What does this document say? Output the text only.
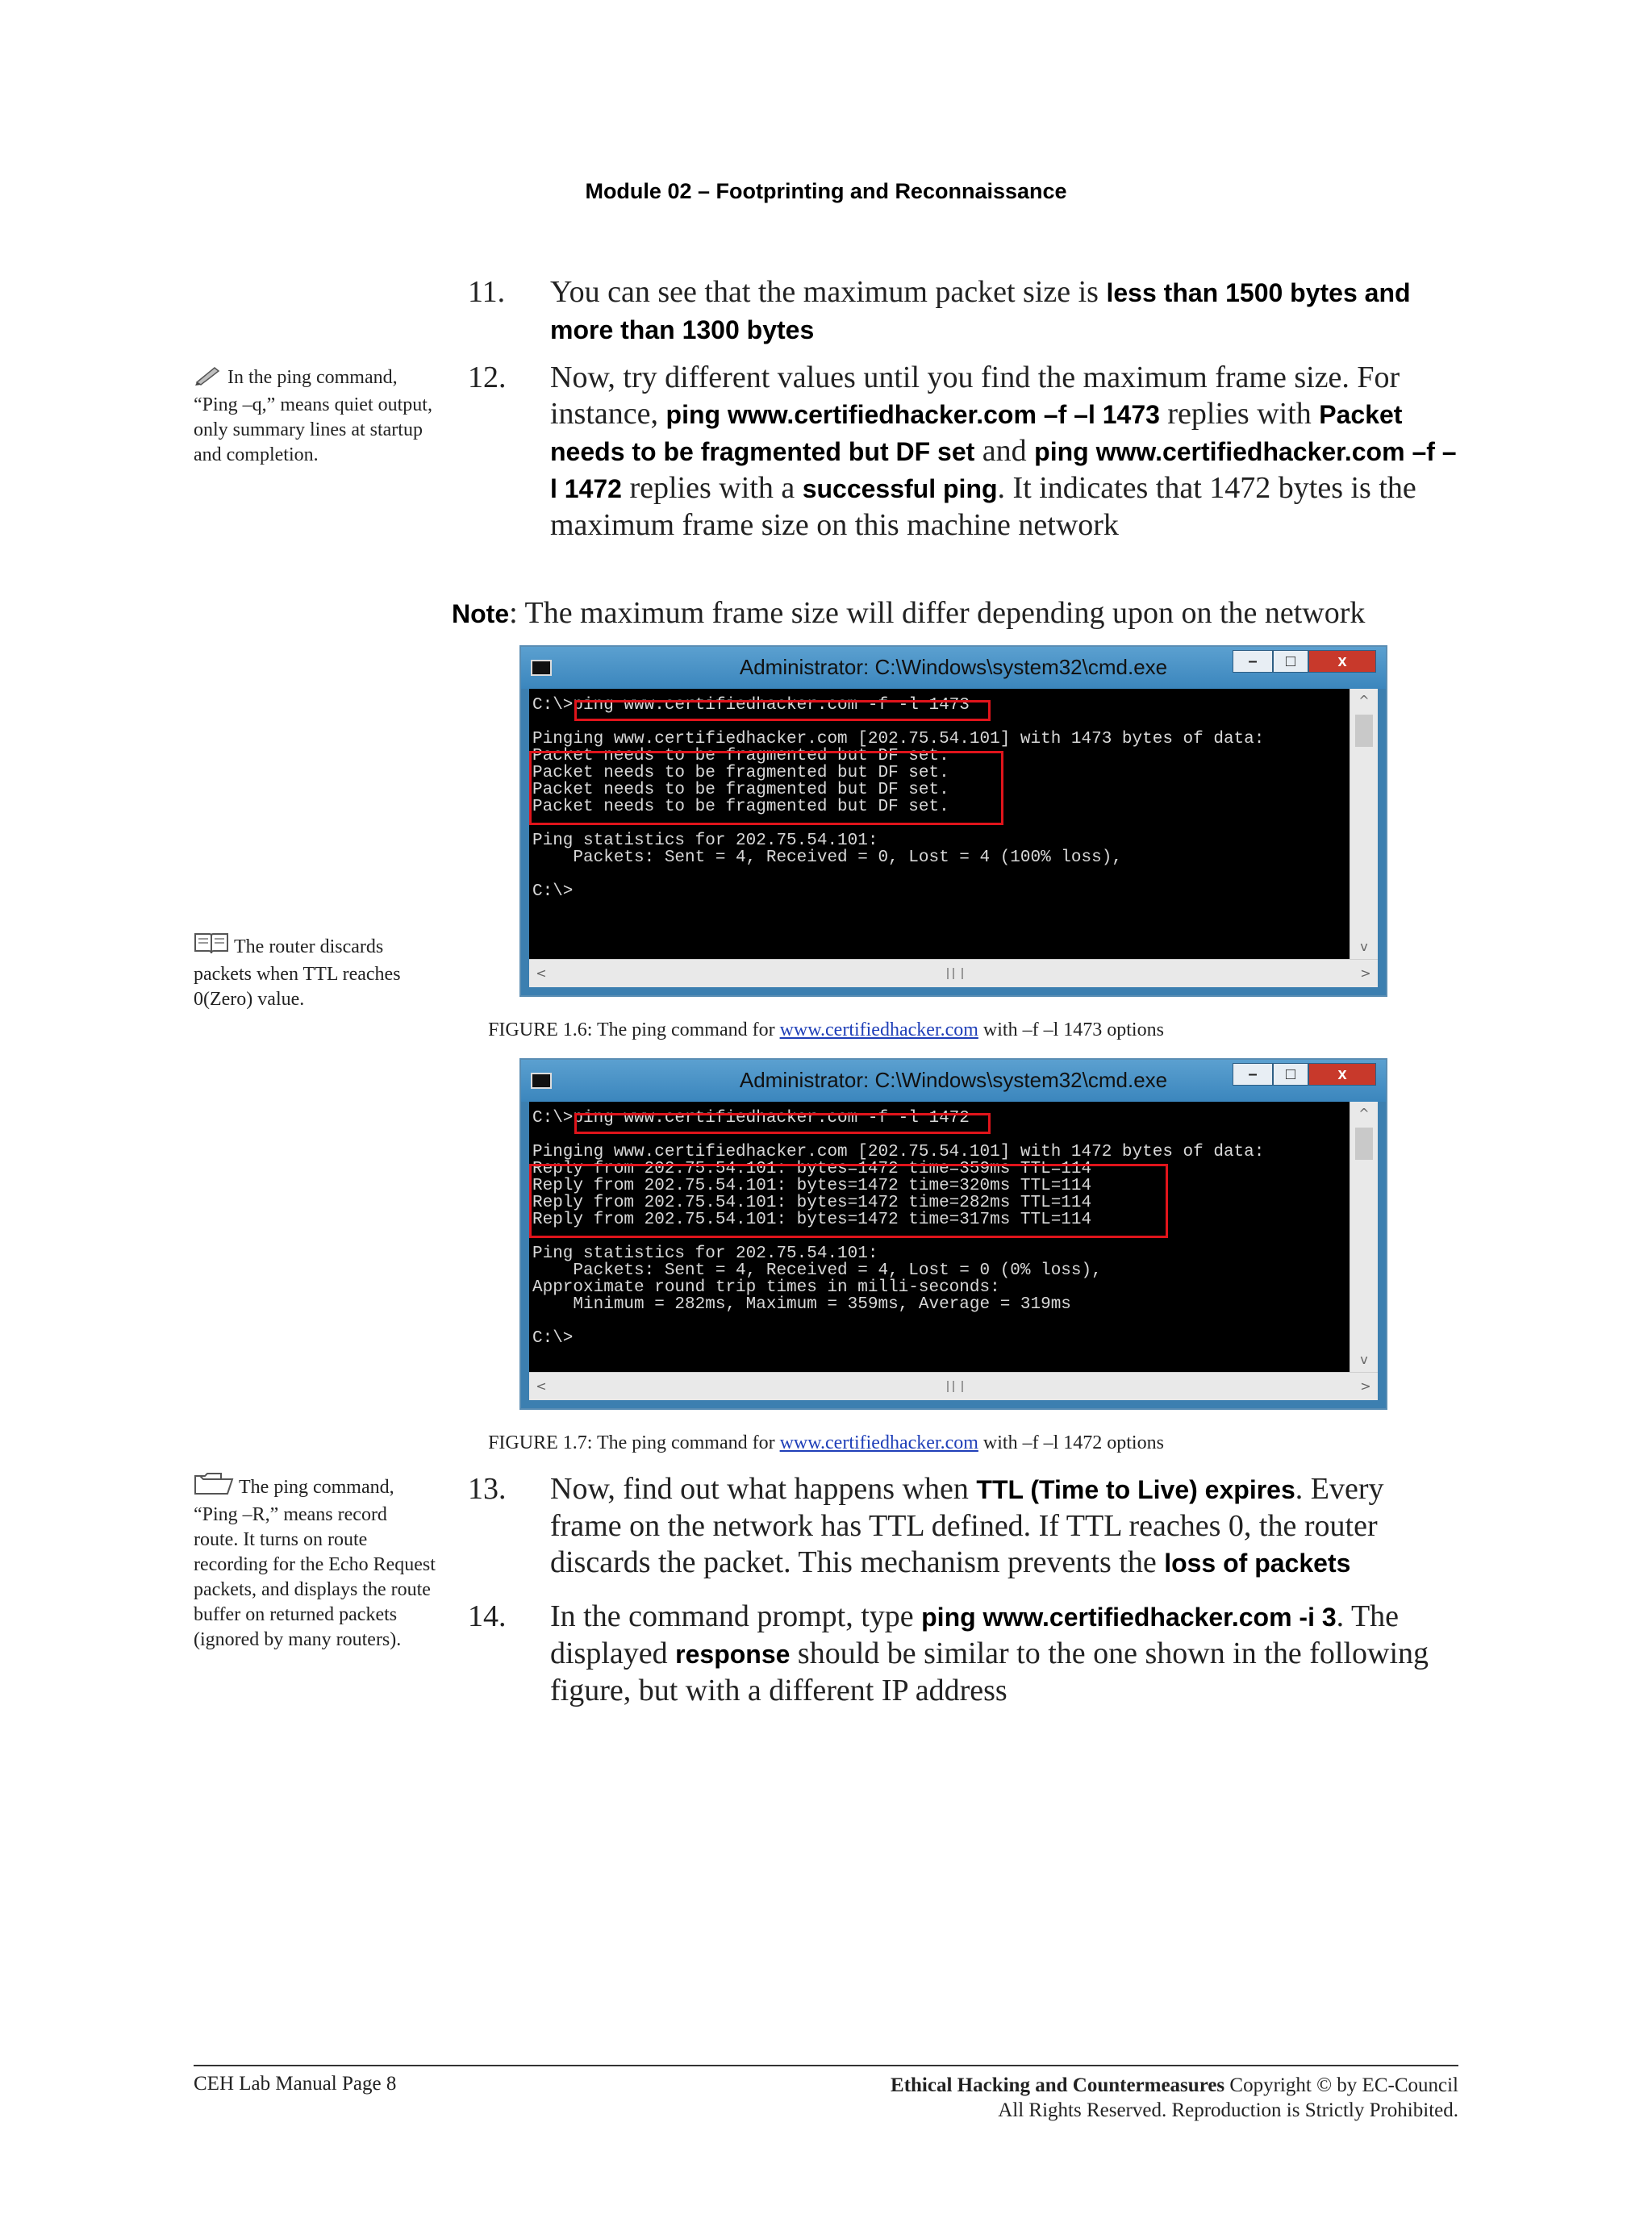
Module 02 – Footprinting and Reconnaissance
In the ping command, “Ping –q,” means quiet output, only summary lines at startup and completion.
The router discards packets when TTL reaches 0(Zero) value.
The ping command, “Ping –R,” means record route. It turns on route recording for the Echo Request packets, and displays the route buffer on returned packets (ignored by many routers).
11. You can see that the maximum packet size is less than 1500 bytes and more than 1300 bytes
12. Now, try different values until you find the maximum frame size. For instance, ping www.certifiedhacker.com –f –l 1473 replies with Packet needs to be fragmented but DF set and ping www.certifiedhacker.com –f –l 1472 replies with a successful ping. It indicates that 1472 bytes is the maximum frame size on this machine network
Note: The maximum frame size will differ depending upon on the network
Administrator: C:\Windows\system32\cmd.exe	–	□	x
C:\>ping www.certifiedhacker.com -f -l 1473
Pinging www.certifiedhacker.com [202.75.54.101] with 1473 bytes of data:
Packet needs to be fragmented but DF set.
Packet needs to be fragmented but DF set.
Packet needs to be fragmented but DF set.
Packet needs to be fragmented but DF set.
Ping statistics for 202.75.54.101:
Packets: Sent = 4, Received = 0, Lost = 4 (100% loss),
C:\>
^
v
<	>
FIGURE 1.6: The ping command for www.certifiedhacker.com with –f –l 1473 options
Administrator: C:\Windows\system32\cmd.exe	–	□	x
C:\>ping www.certifiedhacker.com -f -l 1472
Pinging www.certifiedhacker.com [202.75.54.101] with 1472 bytes of data:
Reply from 202.75.54.101: bytes=1472 time=359ms TTL=114
Reply from 202.75.54.101: bytes=1472 time=320ms TTL=114
Reply from 202.75.54.101: bytes=1472 time=282ms TTL=114
Reply from 202.75.54.101: bytes=1472 time=317ms TTL=114
Ping statistics for 202.75.54.101:
Packets: Sent = 4, Received = 4, Lost = 0 (0% loss),
Approximate round trip times in milli-seconds:
Minimum = 282ms, Maximum = 359ms, Average = 319ms
C:\>
^
v
<	>
FIGURE 1.7: The ping command for www.certifiedhacker.com with –f –l 1472 options
13. Now, find out what happens when TTL (Time to Live) expires. Every frame on the network has TTL defined. If TTL reaches 0, the router discards the packet. This mechanism prevents the loss of packets
14. In the command prompt, type ping www.certifiedhacker.com -i 3. The displayed response should be similar to the one shown in the following figure, but with a different IP address
CEH Lab Manual Page 8	Ethical Hacking and Countermeasures Copyright © by EC-Council
All Rights Reserved. Reproduction is Strictly Prohibited.
